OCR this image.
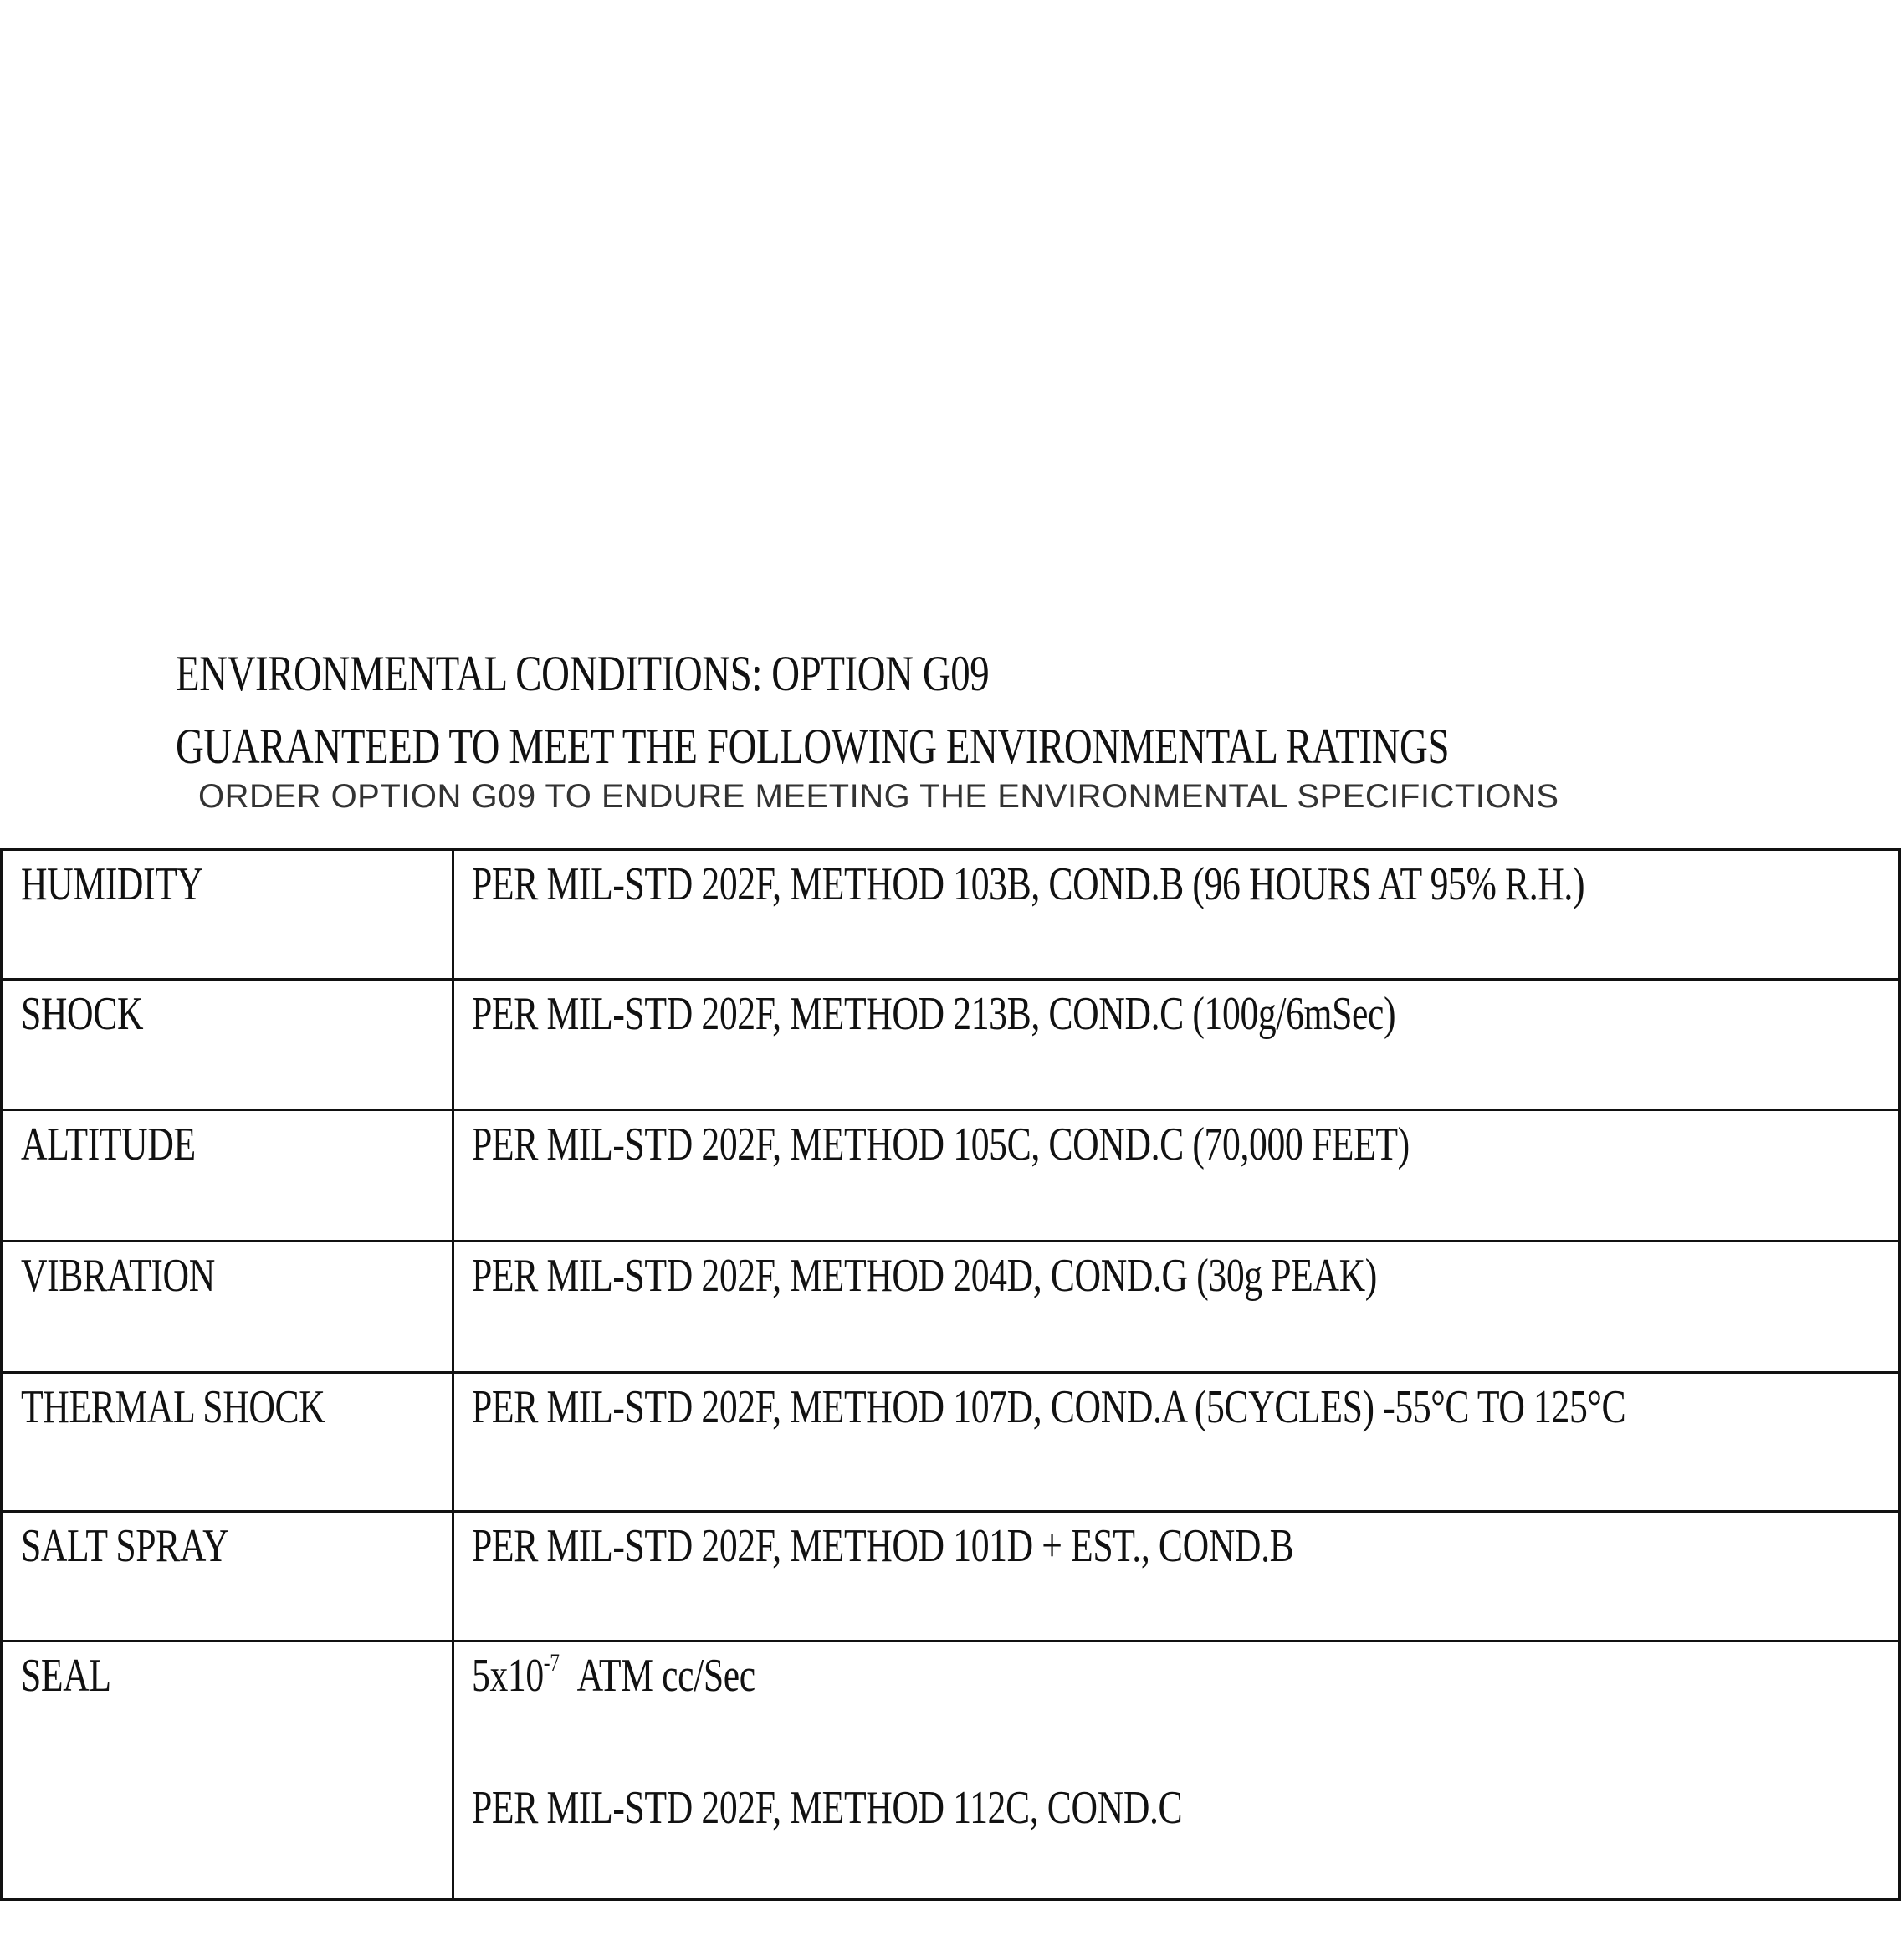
ENVIRONMENTAL CONDITIONS: OPTION G09
GUARANTEED TO MEET THE FOLLOWING ENVIRONMENTAL RATINGS
ORDER OPTION G09 TO ENDURE MEETING THE ENVIRONMENTAL SPECIFICTIONS
HUMIDITY	PER MIL-STD 202F, METHOD 103B, COND.B (96 HOURS AT 95% R.H.)
SHOCK	PER MIL-STD 202F, METHOD 213B, COND.C (100g/6mSec)
ALTITUDE	PER MIL-STD 202F, METHOD 105C, COND.C (70,000 FEET)
VIBRATION	PER MIL-STD 202F, METHOD 204D, COND.G (30g PEAK)
THERMAL SHOCK	PER MIL-STD 202F, METHOD 107D, COND.A (5CYCLES) -55°C TO 125°C
SALT SPRAY	PER MIL-STD 202F, METHOD 101D + EST., COND.B
SEAL	$5x10^{-7}$ ATM cc/Sec
PER MIL-STD 202F, METHOD 112C, COND.C
